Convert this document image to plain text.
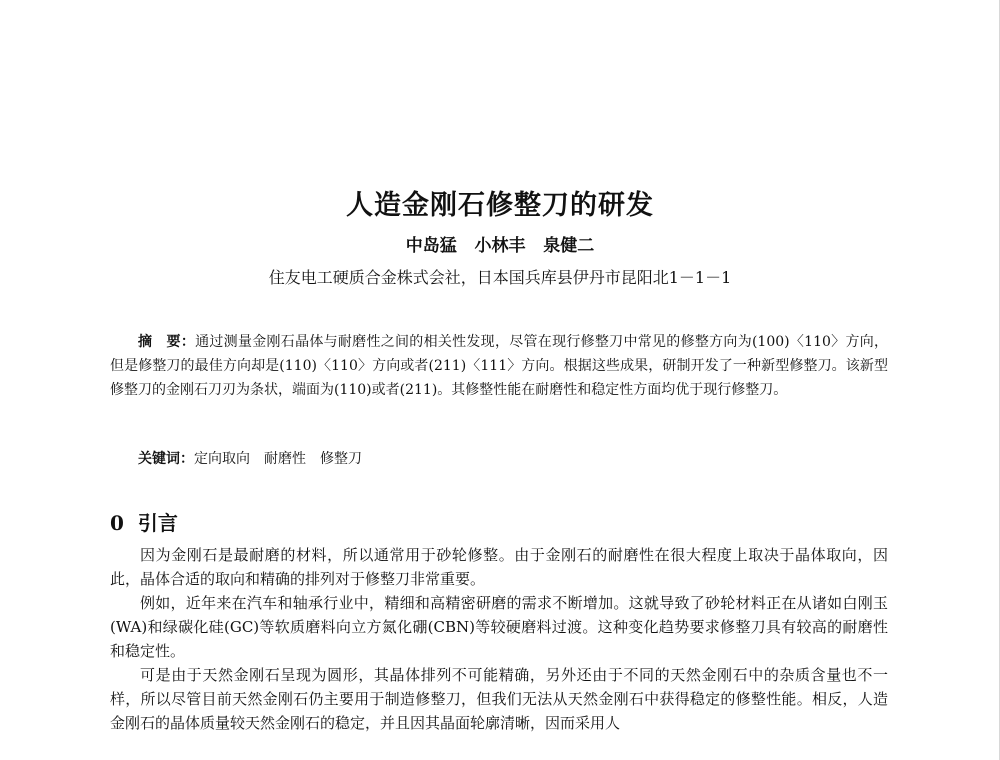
人造金刚石修整刀的研发
中岛猛   小林丰   泉健二
住友电工硬质合金株式会社，日本国兵库县伊丹市昆阳北1－1－1

摘　要：通过测量金刚石晶体与耐磨性之间的相关性发现，尽管在现行修整刀中常见的修整方向为(100)〈110〉方向，但是修整刀的最佳方向却是(110)〈110〉方向或者(211)〈111〉方向。根据这些成果，研制开发了一种新型修整刀。该新型修整刀的金刚石刀刃为条状，端面为(110)或者(211)。其修整性能在耐磨性和稳定性方面均优于现行修整刀。

关键词：定向取向　耐磨性　修整刀

0  引言

因为金刚石是最耐磨的材料，所以通常用于砂轮修整。由于金刚石的耐磨性在很大程度上取决于晶体取向，因此，晶体合适的取向和精确的排列对于修整刀非常重要。

例如，近年来在汽车和轴承行业中，精细和高精密研磨的需求不断增加。这就导致了砂轮材料正在从诸如白刚玉(WA)和绿碳化硅(GC)等软质磨料向立方氮化硼(CBN)等较硬磨料过渡。这种变化趋势要求修整刀具有较高的耐磨性和稳定性。

可是由于天然金刚石呈现为圆形，其晶体排列不可能精确，另外还由于不同的天然金刚石中的杂质含量也不一样，所以尽管目前天然金刚石仍主要用于制造修整刀，但我们无法从天然金刚石中获得稳定的修整性能。相反，人造金刚石的晶体质量较天然金刚石的稳定，并且因其晶面轮廓清晰，因而采用人
